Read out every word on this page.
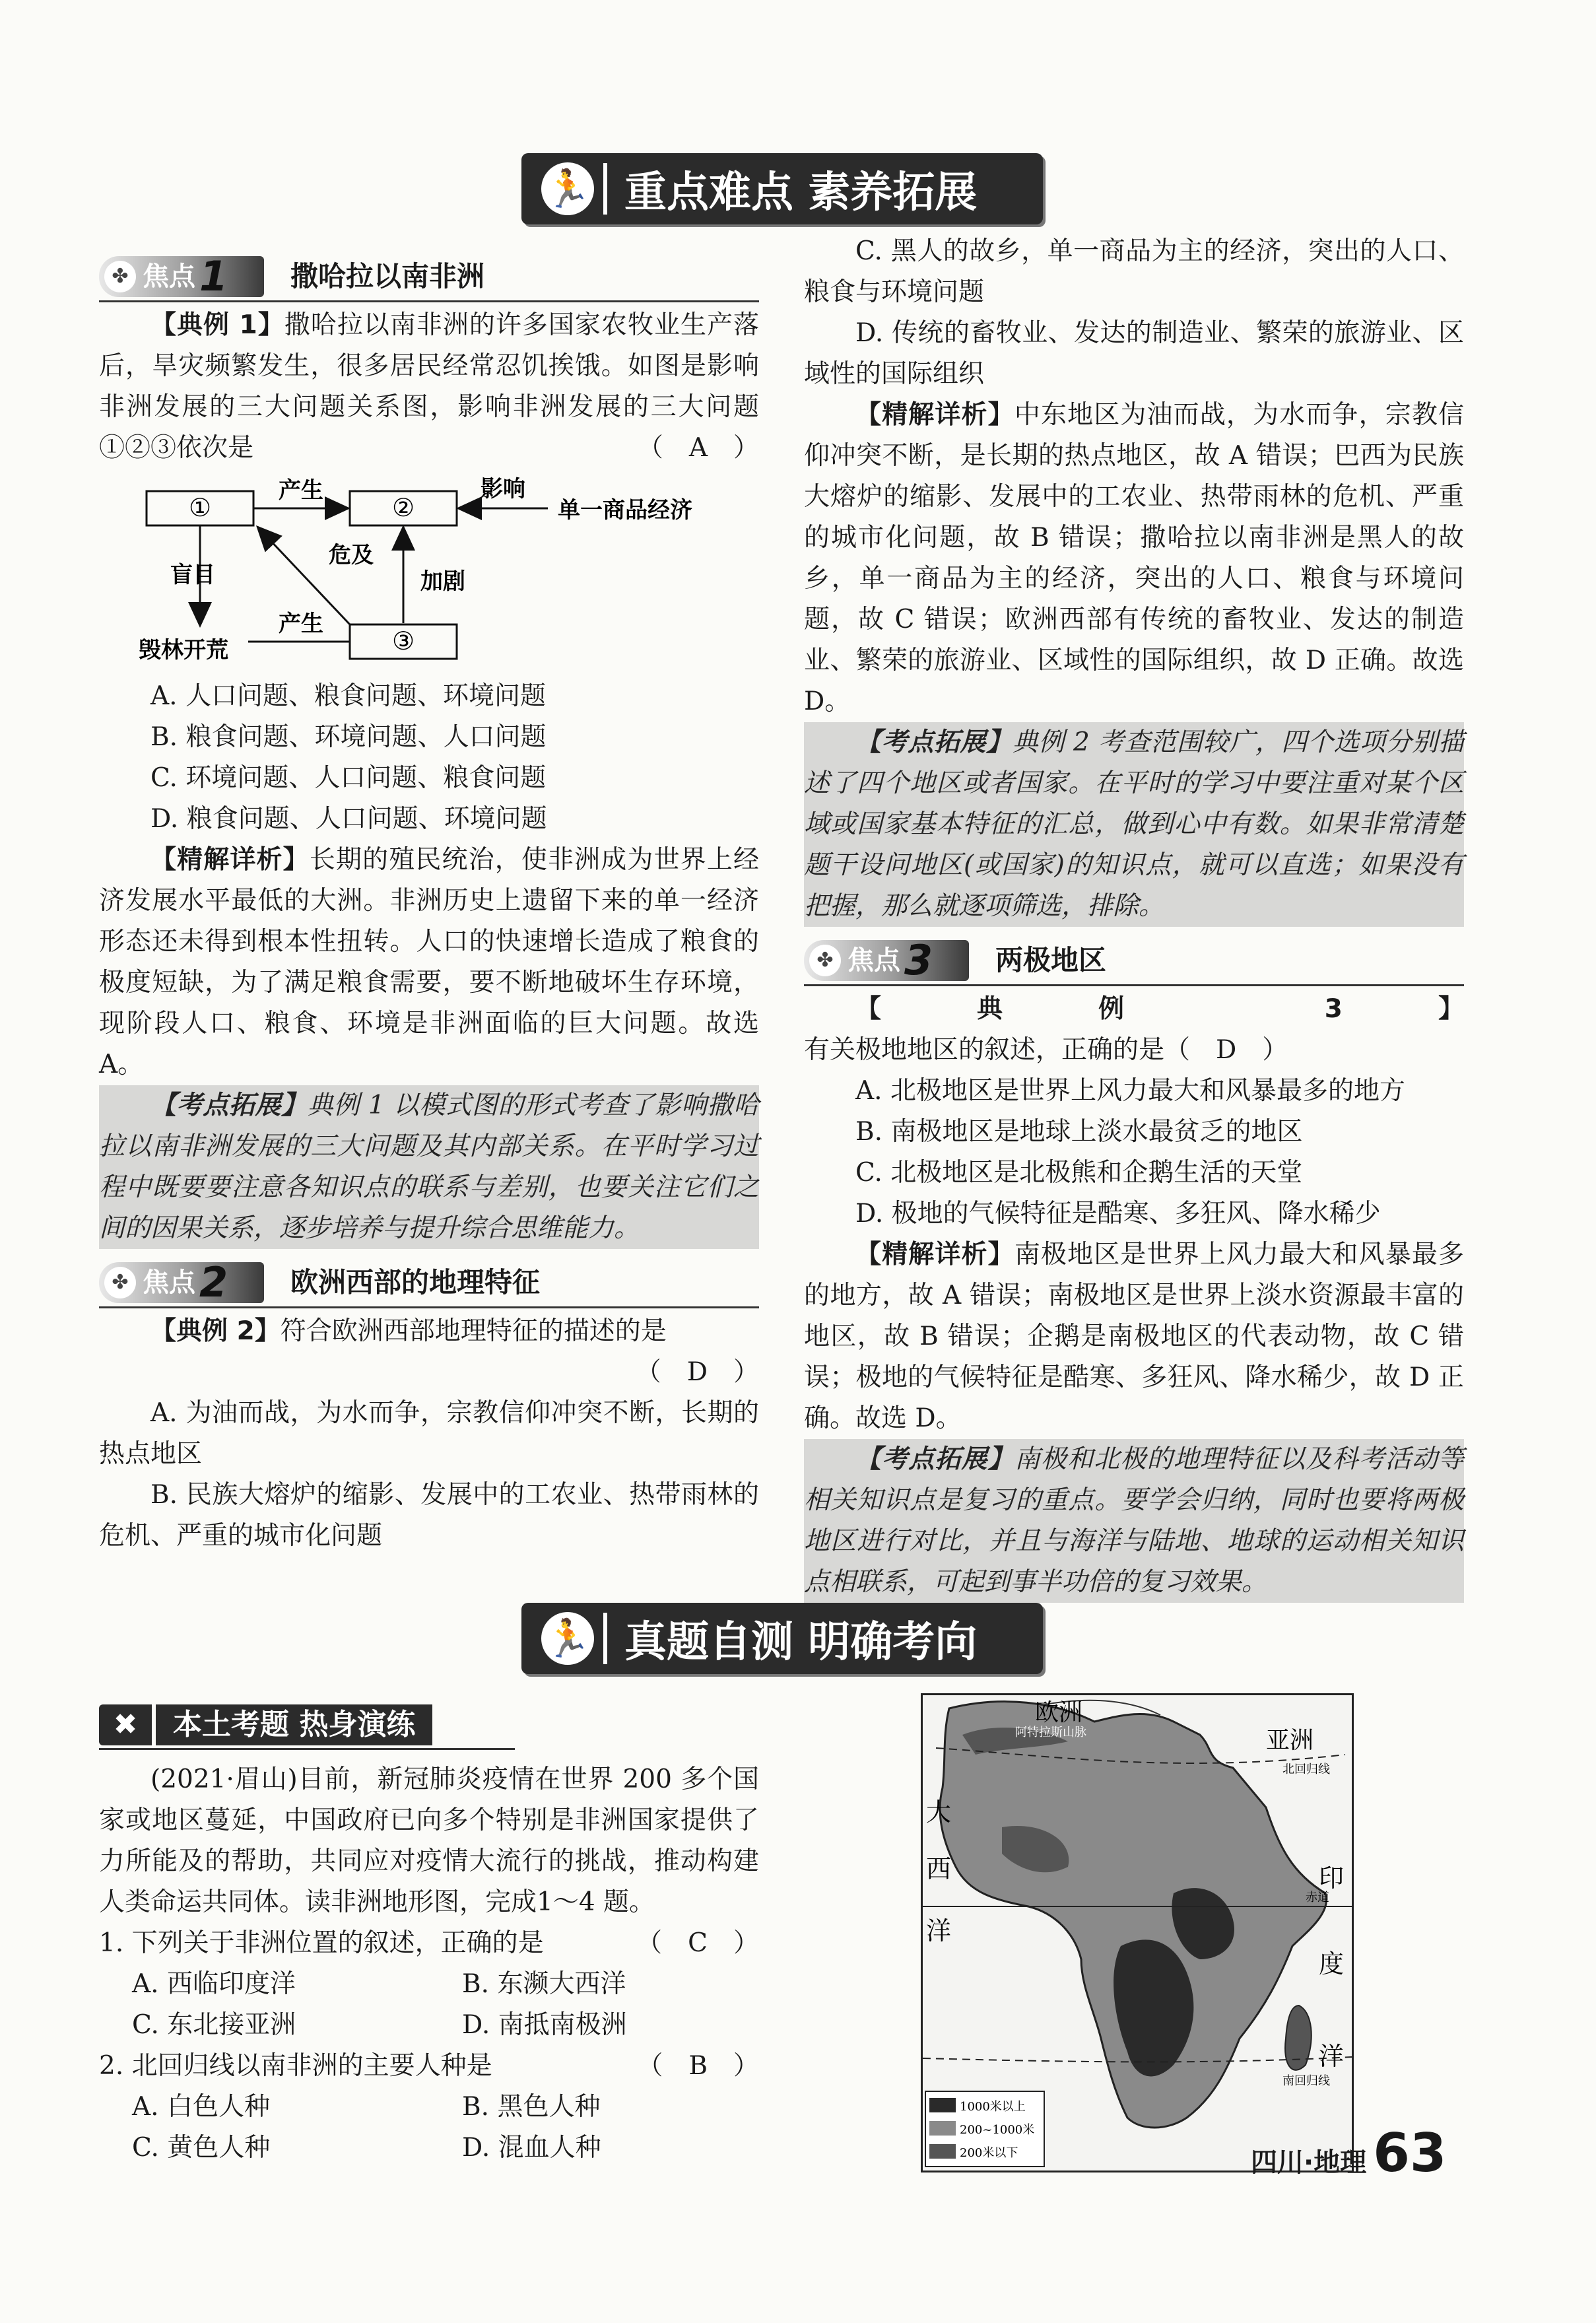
🏃 重点难点 素养拓展
✤ 焦点 1 撒哈拉以南非洲

【典例 1】撒哈拉以南非洲的许多国家农牧业生产落后，旱灾频繁发生，很多居民经常忍饥挨饿。如图是影响非洲发展的三大问题关系图，影响非洲发展的三大问题①②③依次是	（　A　）

①	②
③
产生	影响
单一商品经济
危及
加剧
盲目
产生
毁林开荒

A. 人口问题、粮食问题、环境问题

B. 粮食问题、环境问题、人口问题

C. 环境问题、人口问题、粮食问题

D. 粮食问题、人口问题、环境问题

【精解详析】长期的殖民统治，使非洲成为世界上经济发展水平最低的大洲。非洲历史上遗留下来的单一经济形态还未得到根本性扭转。人口的快速增长造成了粮食的极度短缺，为了满足粮食需要，要不断地破坏生存环境，现阶段人口、粮食、环境是非洲面临的巨大问题。故选 A。

【考点拓展】典例 1 以模式图的形式考查了影响撒哈拉以南非洲发展的三大问题及其内部关系。在平时学习过程中既要要注意各知识点的联系与差别，也要关注它们之间的因果关系，逐步培养与提升综合思维能力。

✤ 焦点 2 欧洲西部的地理特征

【典例 2】符合欧洲西部地理特征的描述的是

（　D　）

A. 为油而战，为水而争，宗教信仰冲突不断，长期的热点地区

B. 民族大熔炉的缩影、发展中的工农业、热带雨林的危机、严重的城市化问题

C. 黑人的故乡，单一商品为主的经济，突出的人口、粮食与环境问题

D. 传统的畜牧业、发达的制造业、繁荣的旅游业、区域性的国际组织

【精解详析】中东地区为油而战，为水而争，宗教信仰冲突不断，是长期的热点地区，故 A 错误；巴西为民族大熔炉的缩影、发展中的工农业、热带雨林的危机、严重的城市化问题，故 B 错误；撒哈拉以南非洲是黑人的故乡，单一商品为主的经济，突出的人口、粮食与环境问题，故 C 错误；欧洲西部有传统的畜牧业、发达的制造业、繁荣的旅游业、区域性的国际组织，故 D 正确。故选 D。

【考点拓展】典例 2 考查范围较广，四个选项分别描述了四个地区或者国家。在平时的学习中要注重对某个区域或国家基本特征的汇总，做到心中有数。如果非常清楚题干设问地区(或国家)的知识点，就可以直选；如果没有把握，那么就逐项筛选，排除。

✤ 焦点 3 两极地区

【典例 3】有关极地地区的叙述，正确的是（　D　）

A. 北极地区是世界上风力最大和风暴最多的地方

B. 南极地区是地球上淡水最贫乏的地区

C. 北极地区是北极熊和企鹅生活的天堂

D. 极地的气候特征是酷寒、多狂风、降水稀少

【精解详析】南极地区是世界上风力最大和风暴最多的地方，故 A 错误；南极地区是世界上淡水资源最丰富的地区，故 B 错误；企鹅是南极地区的代表动物，故 C 错误；极地的气候特征是酷寒、多狂风、降水稀少，故 D 正确。故选 D。

【考点拓展】南极和北极的地理特征以及科考活动等相关知识点是复习的重点。要学会归纳，同时也要将两极地区进行对比，并且与海洋与陆地、地球的运动相关知识点相联系，可起到事半功倍的复习效果。

🏃 真题自测 明确考向
✖	本土考题 热身演练

(2021·眉山)目前，新冠肺炎疫情在世界 200 多个国家或地区蔓延，中国政府已向多个特别是非洲国家提供了力所能及的帮助，共同应对疫情大流行的挑战，推动构建人类命运共同体。读非洲地形图，完成1～4 题。

1. 下列关于非洲位置的叙述，正确的是	（　C　）

A. 西临印度洋	B. 东濒大西洋
C. 东北接亚洲	D. 南抵南极洲

2. 北回归线以南非洲的主要人种是	（　B　）

A. 白色人种	B. 黑色人种
C. 黄色人种	D. 混血人种
欧洲
亚洲
阿特拉斯山脉
北回归线
赤道
南回归线
大
西
洋
印
度
洋
1000米以上
200~1000米
200米以下	四川·地理 63
